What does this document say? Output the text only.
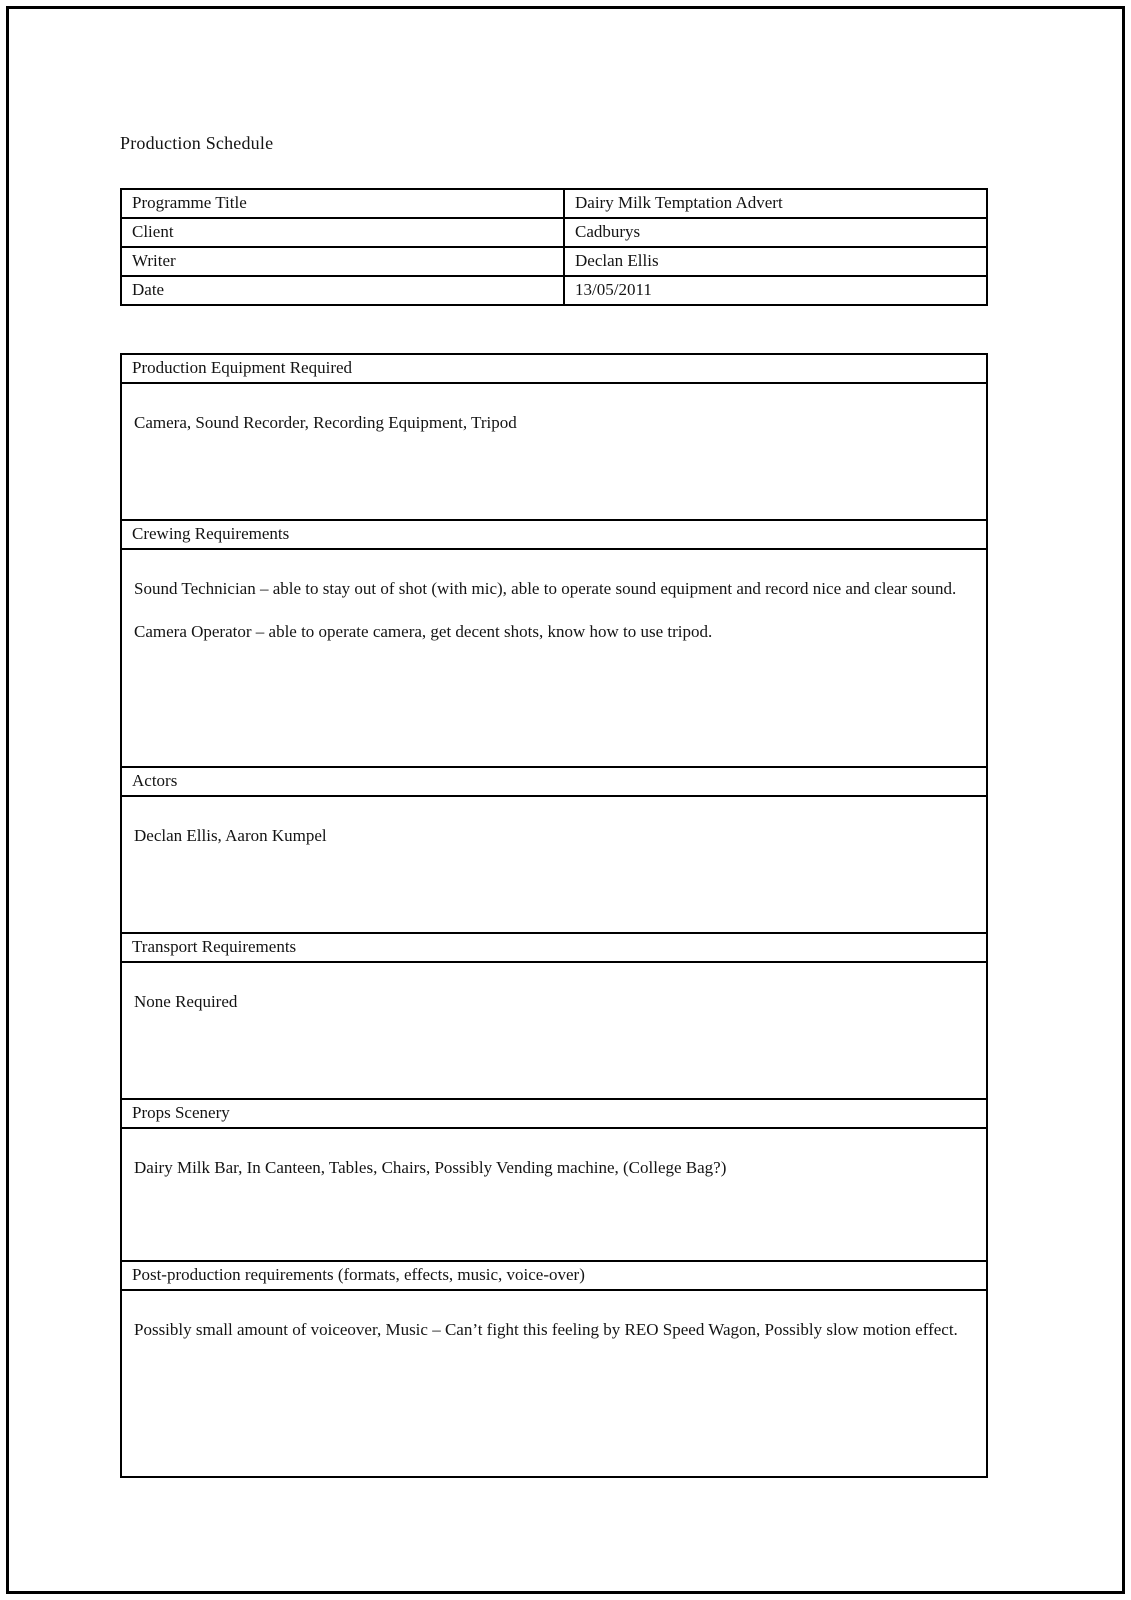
Production Schedule
Programme Title	Dairy Milk Temptation Advert
Client	Cadburys
Writer	Declan Ellis
Date	13/05/2011
Production Equipment Required

Camera, Sound Recorder, Recording Equipment, Tripod

Crewing Requirements

Sound Technician – able to stay out of shot (with mic), able to operate sound equipment and record nice and clear sound.

Camera Operator – able to operate camera, get decent shots, know how to use tripod.

Actors

Declan Ellis, Aaron Kumpel

Transport Requirements

None Required

Props Scenery

Dairy Milk Bar, In Canteen, Tables, Chairs, Possibly Vending machine, (College Bag?)

Post-production requirements (formats, effects, music, voice-over)

Possibly small amount of voiceover, Music – Can’t fight this feeling by REO Speed Wagon, Possibly slow motion effect.
